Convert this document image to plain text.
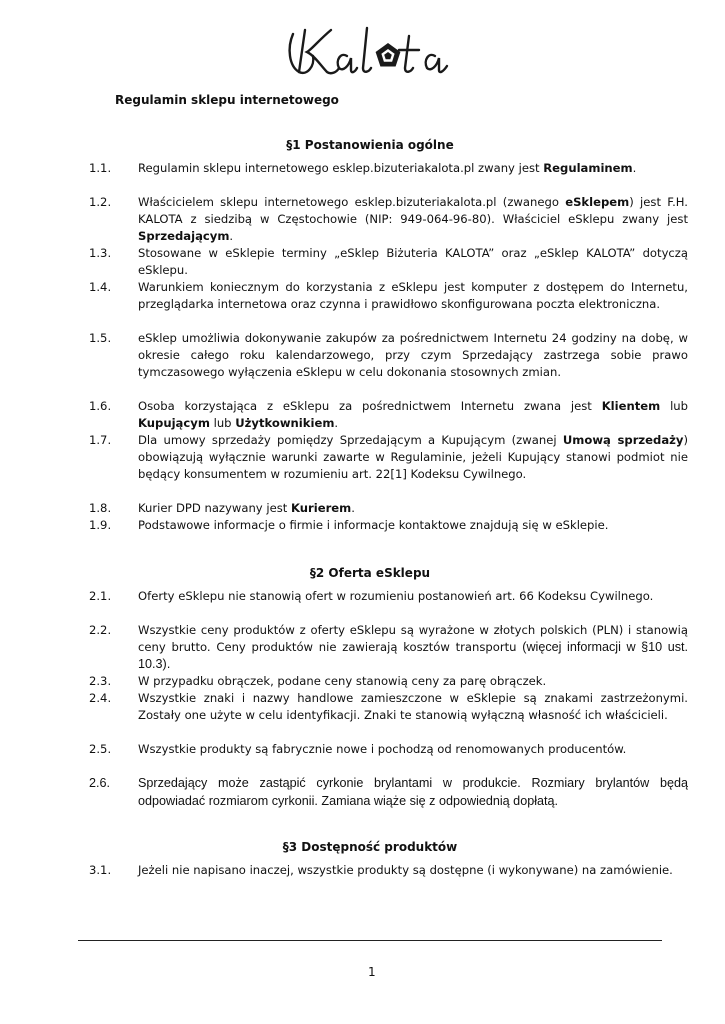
Regulamin sklepu internetowego
§1 Postanowienia ogólne
1.1. Regulamin sklepu internetowego esklep.bizuteriakalota.pl zwany jest Regulaminem.
1.2. Właścicielem sklepu internetowego esklep.bizuteriakalota.pl (zwanego eSklepem) jest F.H. KALOTA z siedzibą w Częstochowie (NIP: 949-064-96-80). Właściciel eSklepu zwany jest Sprzedającym.
1.3. Stosowane w eSklepie terminy „eSklep Biżuteria KALOTA” oraz „eSklep KALOTA” dotyczą eSklepu.
1.4. Warunkiem koniecznym do korzystania z eSklepu jest komputer z dostępem do Internetu, przeglądarka internetowa oraz czynna i prawidłowo skonfigurowana poczta elektroniczna.
1.5. eSklep umożliwia dokonywanie zakupów za pośrednictwem Internetu 24 godziny na dobę, w okresie całego roku kalendarzowego, przy czym Sprzedający zastrzega sobie prawo tymczasowego wyłączenia eSklepu w celu dokonania stosownych zmian.
1.6. Osoba korzystająca z eSklepu za pośrednictwem Internetu zwana jest Klientem lub Kupującym lub Użytkownikiem.
1.7. Dla umowy sprzedaży pomiędzy Sprzedającym a Kupującym (zwanej Umową sprzedaży) obowiązują wyłącznie warunki zawarte w Regulaminie, jeżeli Kupujący stanowi podmiot nie będący konsumentem w rozumieniu art. 22[1] Kodeksu Cywilnego.
1.8. Kurier DPD nazywany jest Kurierem.
1.9. Podstawowe informacje o firmie i informacje kontaktowe znajdują się w eSklepie.
§2 Oferta eSklepu
2.1. Oferty eSklepu nie stanowią ofert w rozumieniu postanowień art. 66 Kodeksu Cywilnego.
2.2. Wszystkie ceny produktów z oferty eSklepu są wyrażone w złotych polskich (PLN) i stanowią ceny brutto. Ceny produktów nie zawierają kosztów transportu (więcej informacji w §10 ust. 10.3).
2.3. W przypadku obrączek, podane ceny stanowią ceny za parę obrączek.
2.4. Wszystkie znaki i nazwy handlowe zamieszczone w eSklepie są znakami zastrzeżonymi. Zostały one użyte w celu identyfikacji. Znaki te stanowią wyłączną własność ich właścicieli.
2.5. Wszystkie produkty są fabrycznie nowe i pochodzą od renomowanych producentów.
2.6. Sprzedający może zastąpić cyrkonie brylantami w produkcie. Rozmiary brylantów będą odpowiadać rozmiarom cyrkonii. Zamiana wiąże się z odpowiednią dopłatą.
§3 Dostępność produktów
3.1. Jeżeli nie napisano inaczej, wszystkie produkty są dostępne (i wykonywane) na zamówienie.
1
